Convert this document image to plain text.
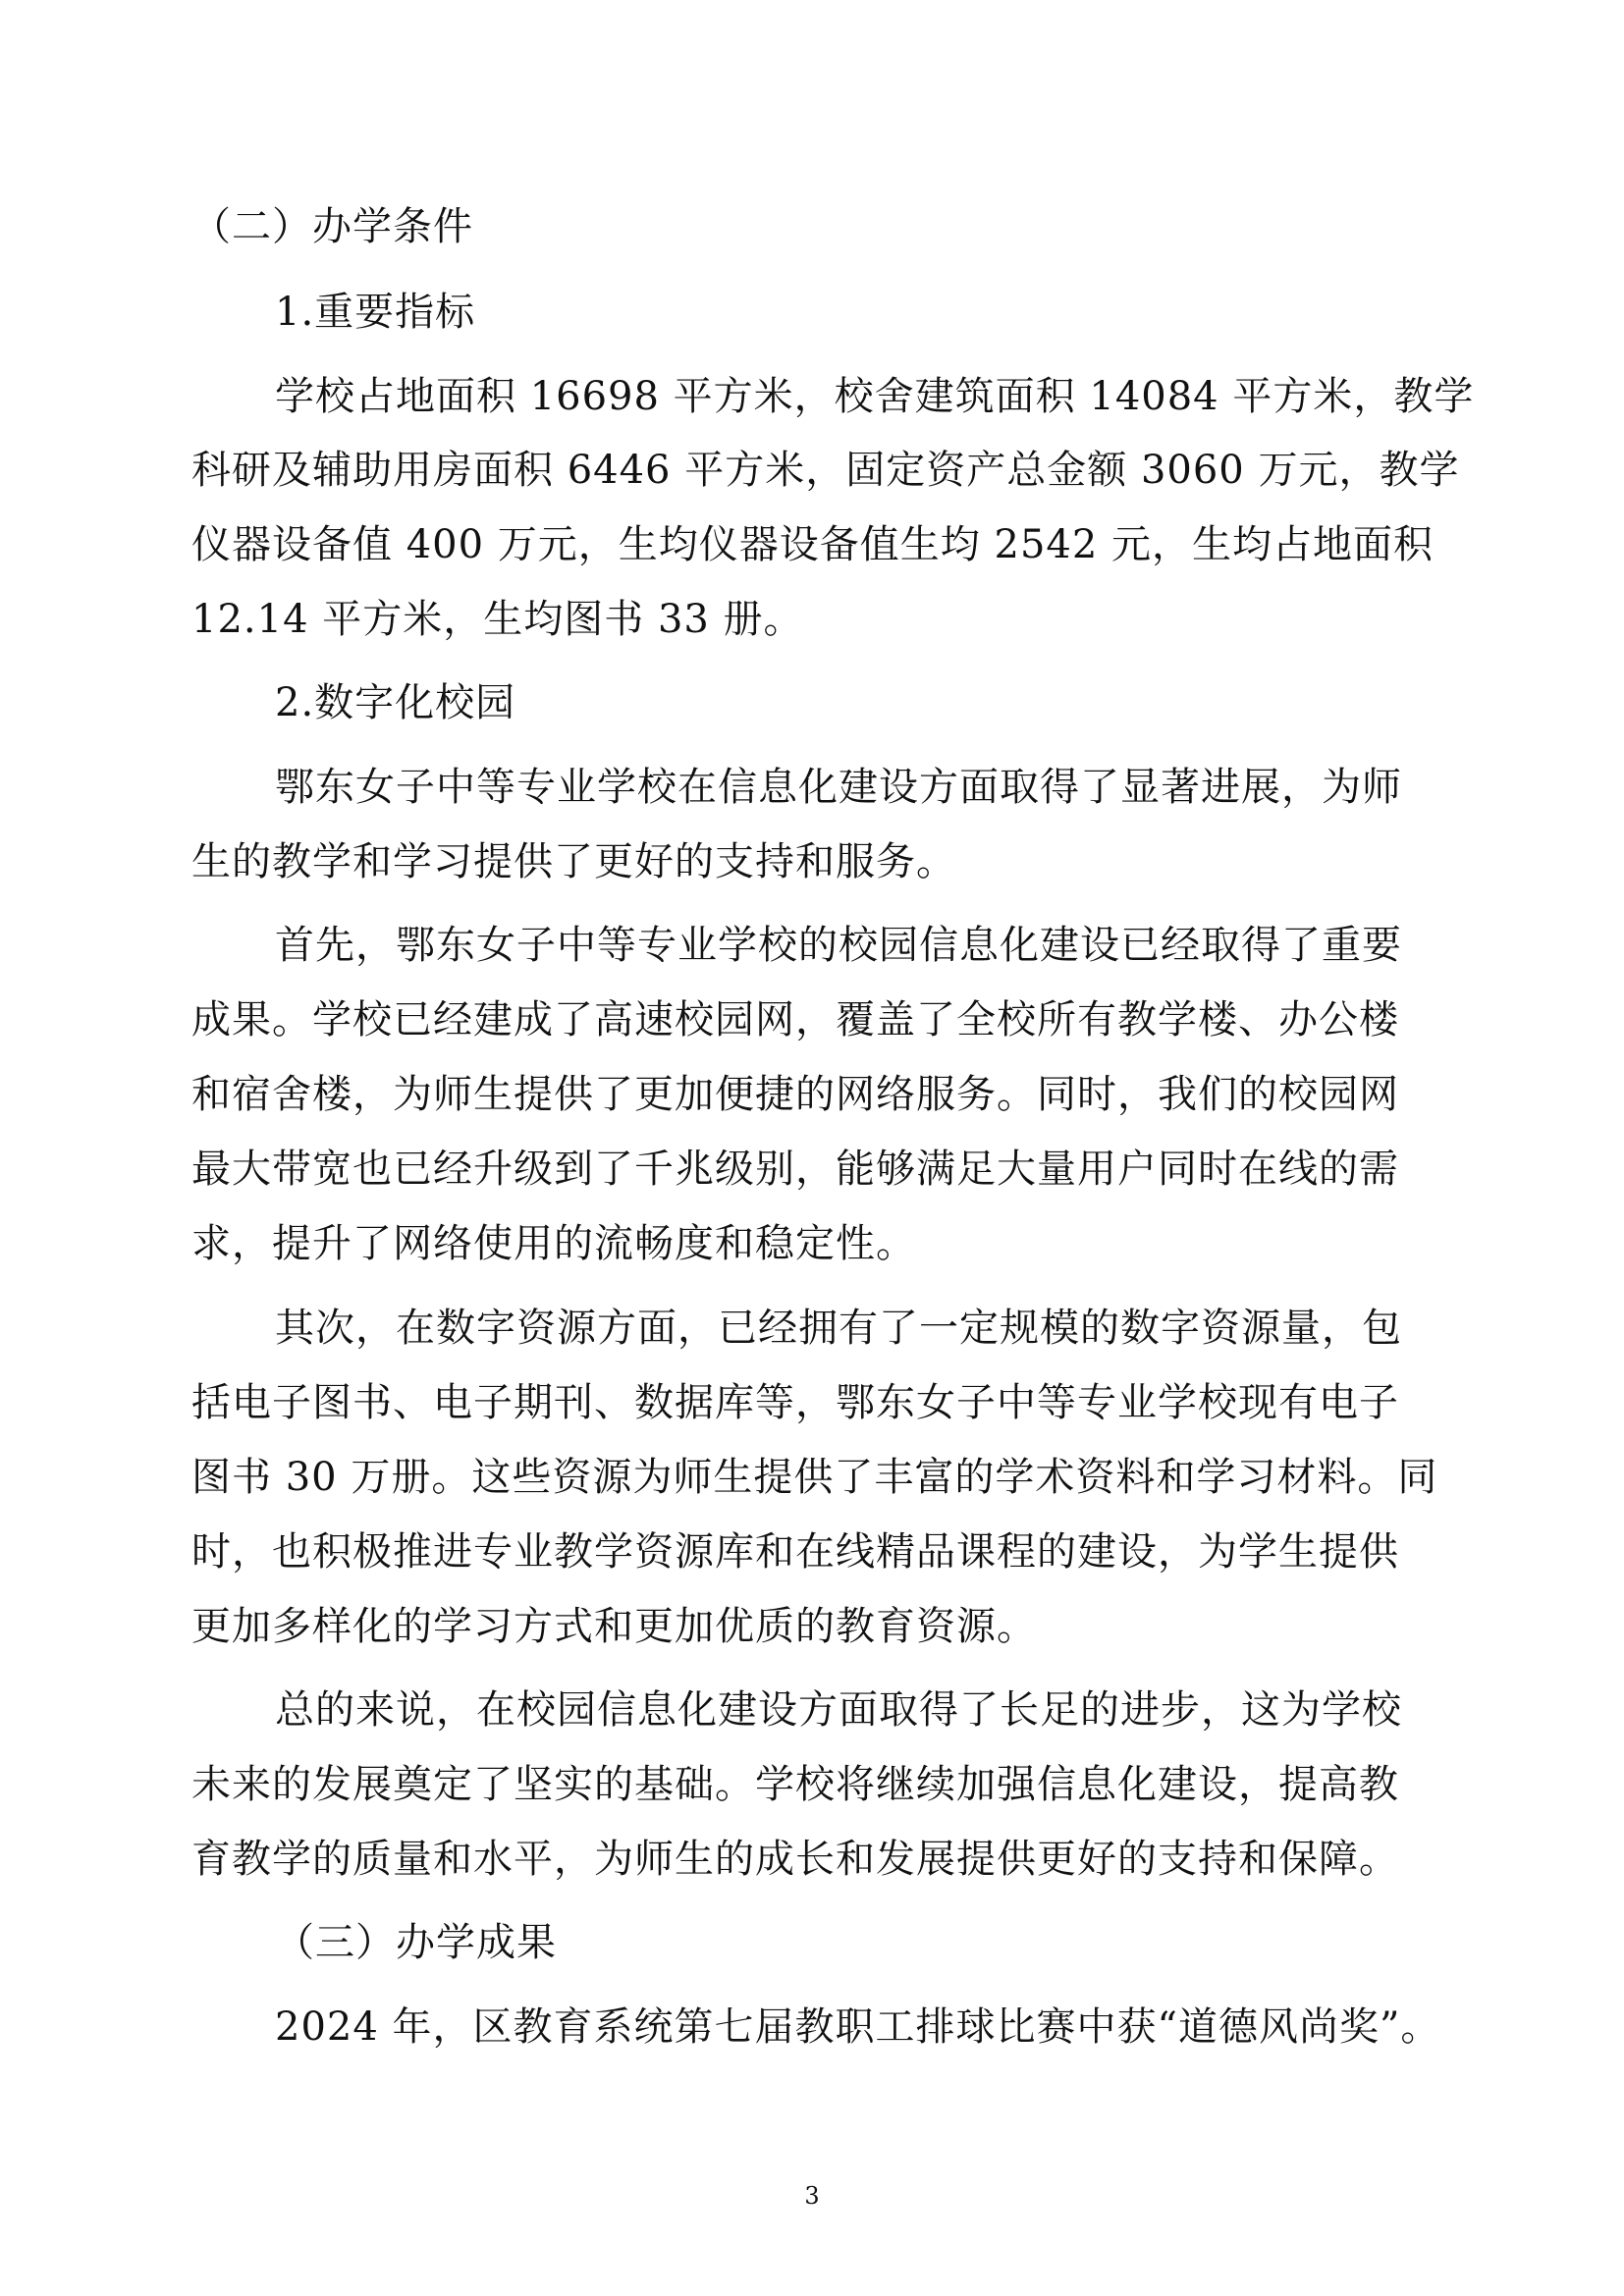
（二）办学条件
1.重要指标
学校占地面积 16698 平方米，校舍建筑面积 14084 平方米，教学
科研及辅助用房面积 6446 平方米，固定资产总金额 3060 万元，教学
仪器设备值 400 万元，生均仪器设备值生均 2542 元，生均占地面积
12.14 平方米，生均图书 33 册。
2.数字化校园
鄂东女子中等专业学校在信息化建设方面取得了显著进展，为师
生的教学和学习提供了更好的支持和服务。
首先，鄂东女子中等专业学校的校园信息化建设已经取得了重要
成果。学校已经建成了高速校园网，覆盖了全校所有教学楼、办公楼
和宿舍楼，为师生提供了更加便捷的网络服务。同时，我们的校园网
最大带宽也已经升级到了千兆级别，能够满足大量用户同时在线的需
求，提升了网络使用的流畅度和稳定性。
其次，在数字资源方面，已经拥有了一定规模的数字资源量，包
括电子图书、电子期刊、数据库等，鄂东女子中等专业学校现有电子
图书 30 万册。这些资源为师生提供了丰富的学术资料和学习材料。同
时，也积极推进专业教学资源库和在线精品课程的建设，为学生提供
更加多样化的学习方式和更加优质的教育资源。
总的来说，在校园信息化建设方面取得了长足的进步，这为学校
未来的发展奠定了坚实的基础。学校将继续加强信息化建设，提高教
育教学的质量和水平，为师生的成长和发展提供更好的支持和保障。
（三）办学成果
2024 年，区教育系统第七届教职工排球比赛中获“道德风尚奖”。
3
